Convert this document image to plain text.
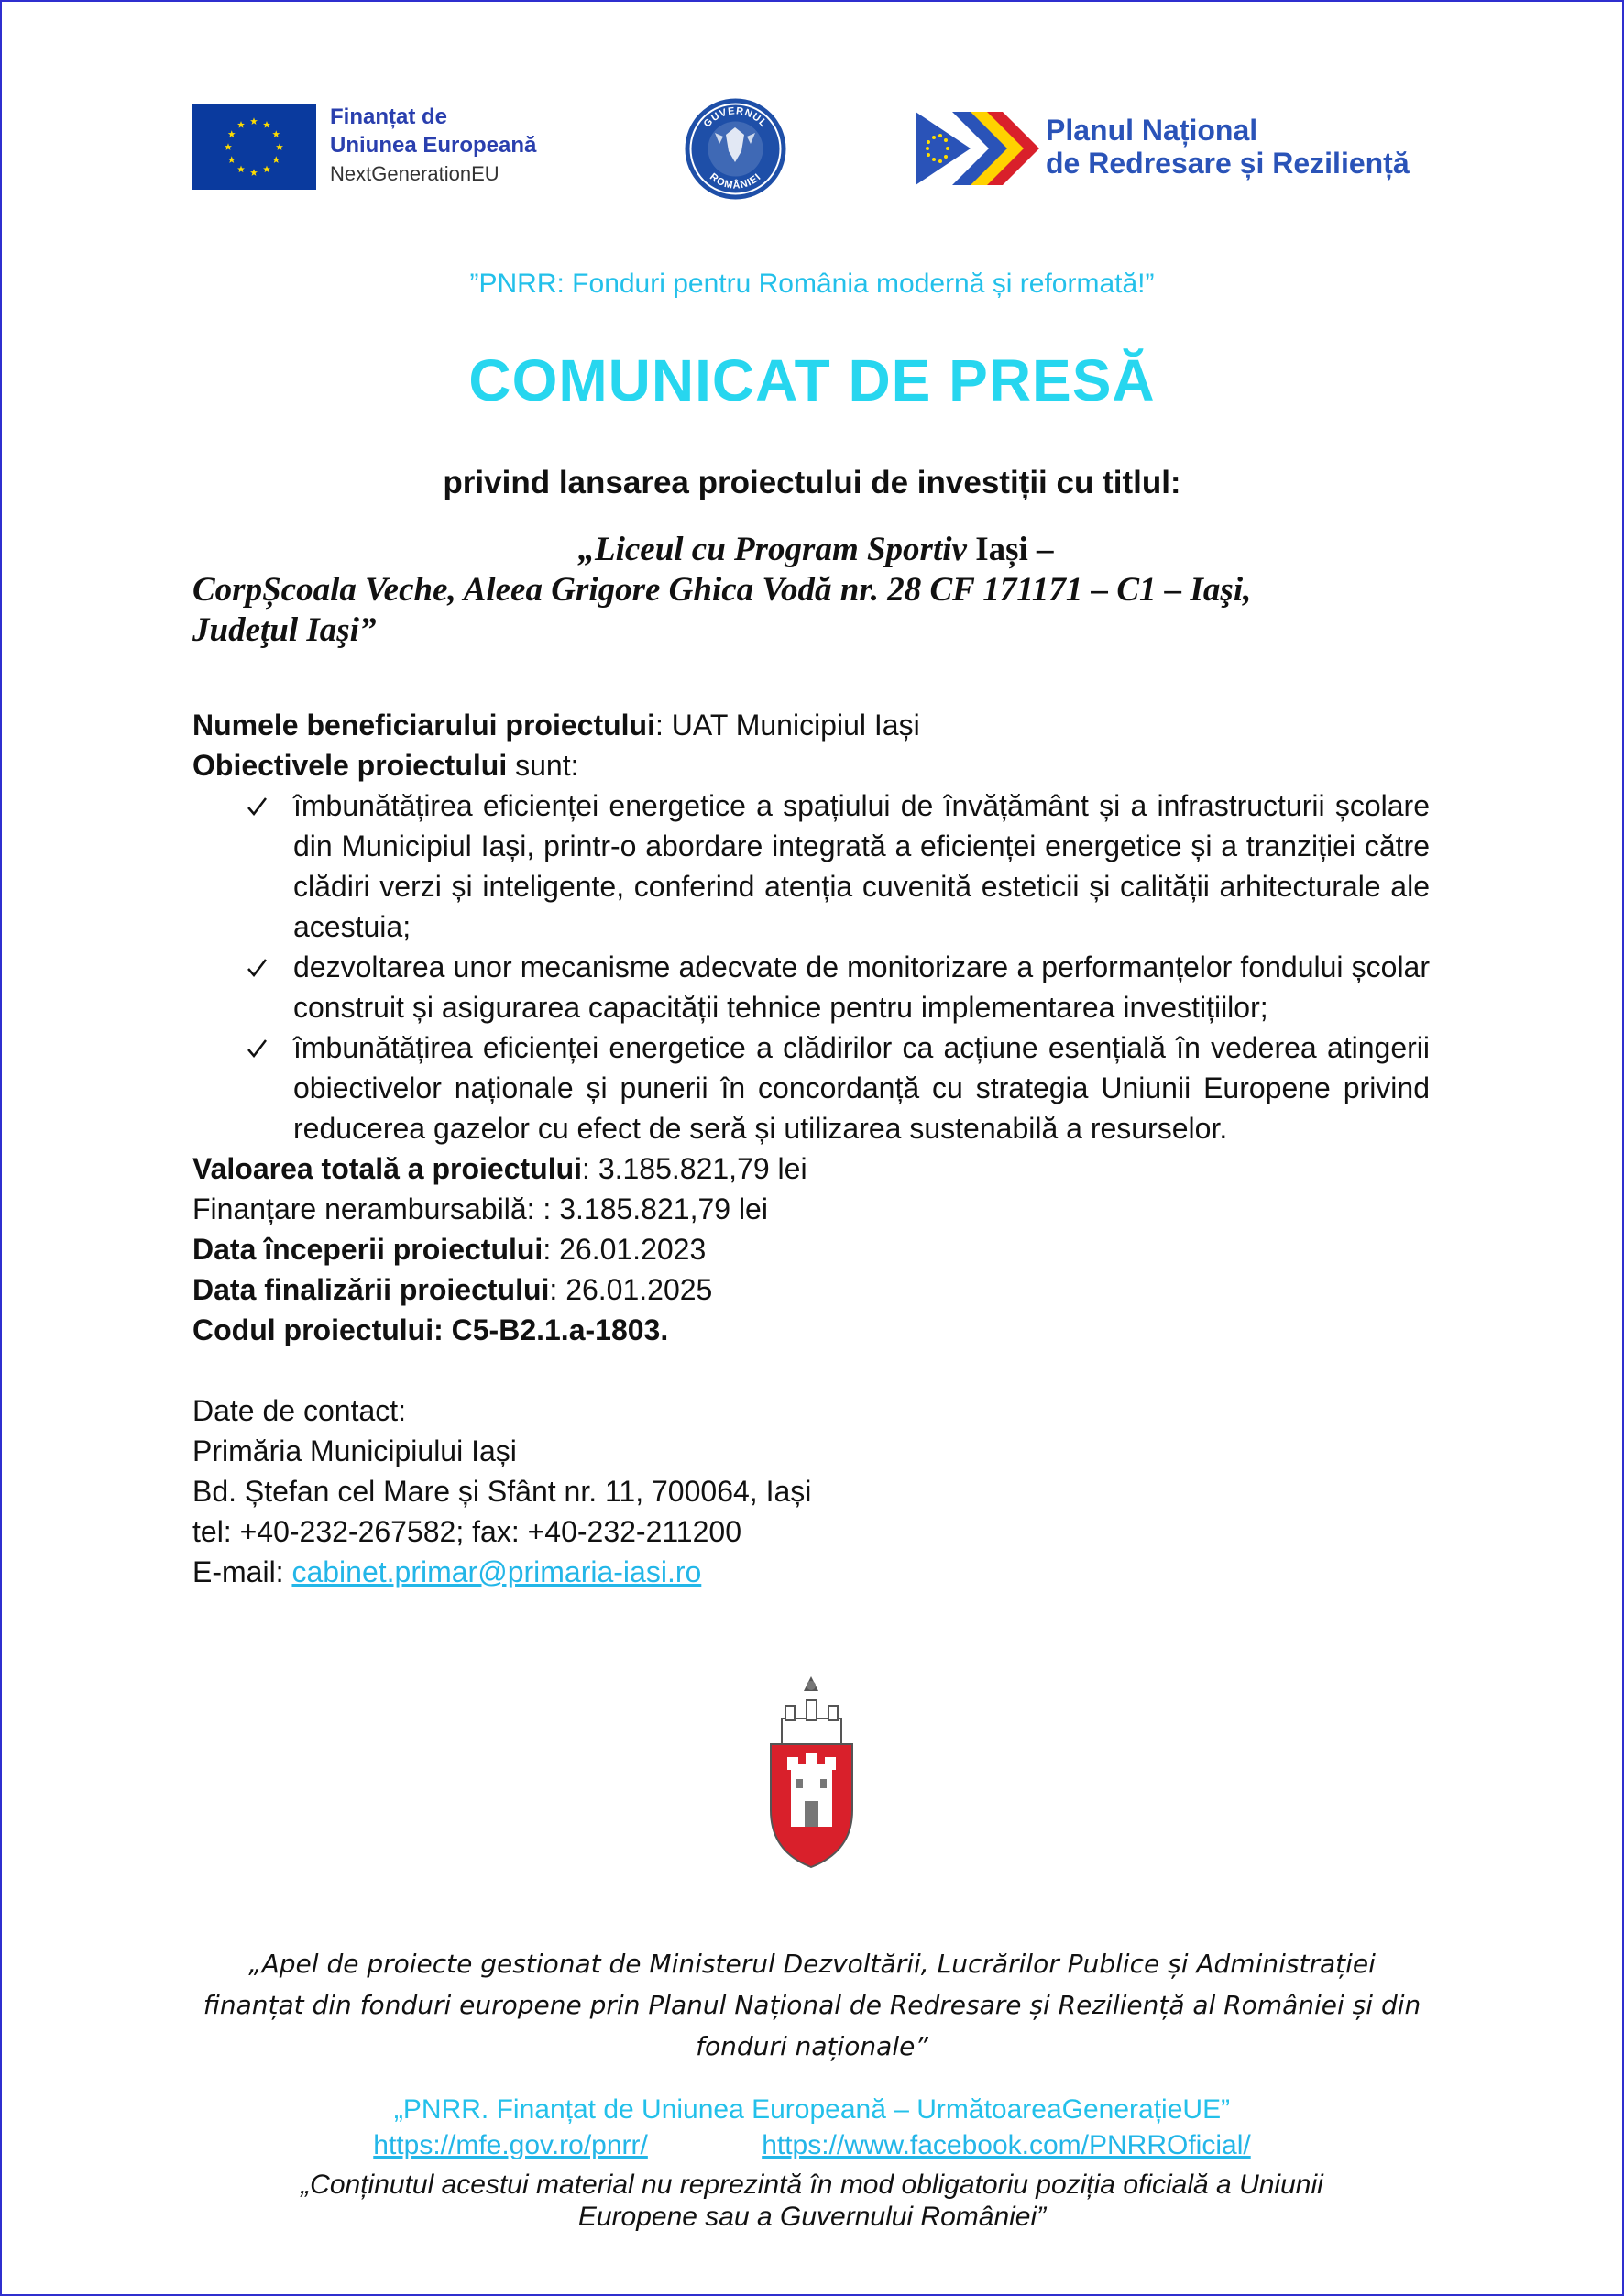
Finanțat de
Uniunea Europeană
NextGenerationEU
GUVERNUL
ROMÂNIEI
Planul Național
de Redresare și Reziliență
”PNRR: Fonduri pentru România modernă și reformată!”
COMUNICAT DE PRESĂ
privind lansarea proiectului de investiții cu titlul:
„Liceul cu Program Sportiv Iași –
CorpȘcoala Veche, Aleea Grigore Ghica Vodă nr. 28 CF 171171 – C1 – Iaşi,
Judeţul Iaşi”
Numele beneficiarului proiectului: UAT Municipiul Iași
Obiectivele proiectului sunt:
îmbunătățirea eficienței energetice a spațiului de învățământ și a infrastructurii școlare din Municipiul Iași, printr-o abordare integrată a eficienței energetice și a tranziției către clădiri verzi și inteligente, conferind atenția cuvenită esteticii și calității arhitecturale ale acestuia;
dezvoltarea unor mecanisme adecvate de monitorizare a performanțelor fondului școlar construit și asigurarea capacității tehnice pentru implementarea investițiilor;
îmbunătățirea eficienței energetice a clădirilor ca acțiune esențială în vederea atingerii obiectivelor naționale și punerii în concordanță cu strategia Uniunii Europene privind reducerea gazelor cu efect de seră și utilizarea sustenabilă a resurselor.
Valoarea totală a proiectului: 3.185.821,79 lei
Finanțare nerambursabilă: : 3.185.821,79 lei
Data începerii proiectului: 26.01.2023
Data finalizării proiectului: 26.01.2025
Codul proiectului: C5-B2.1.a-1803.
Date de contact:
Primăria Municipiului Iași
Bd. Ștefan cel Mare și Sfânt nr. 11, 700064, Iași
tel: +40-232-267582; fax: +40-232-211200
E-mail: cabinet.primar@primaria-iasi.ro
„Apel de proiecte gestionat de Ministerul Dezvoltării, Lucrărilor Publice și Administrației
finanțat din fonduri europene prin Planul Național de Redresare și Reziliență al României și din
fonduri naționale”
„PNRR. Finanțat de Uniunea Europeană – UrmătoareaGenerațieUE”
https://mfe.gov.ro/pnrr/	https://www.facebook.com/PNRROficial/
„Conținutul acestui material nu reprezintă în mod obligatoriu poziția oficială a Uniunii
Europene sau a Guvernului României”
